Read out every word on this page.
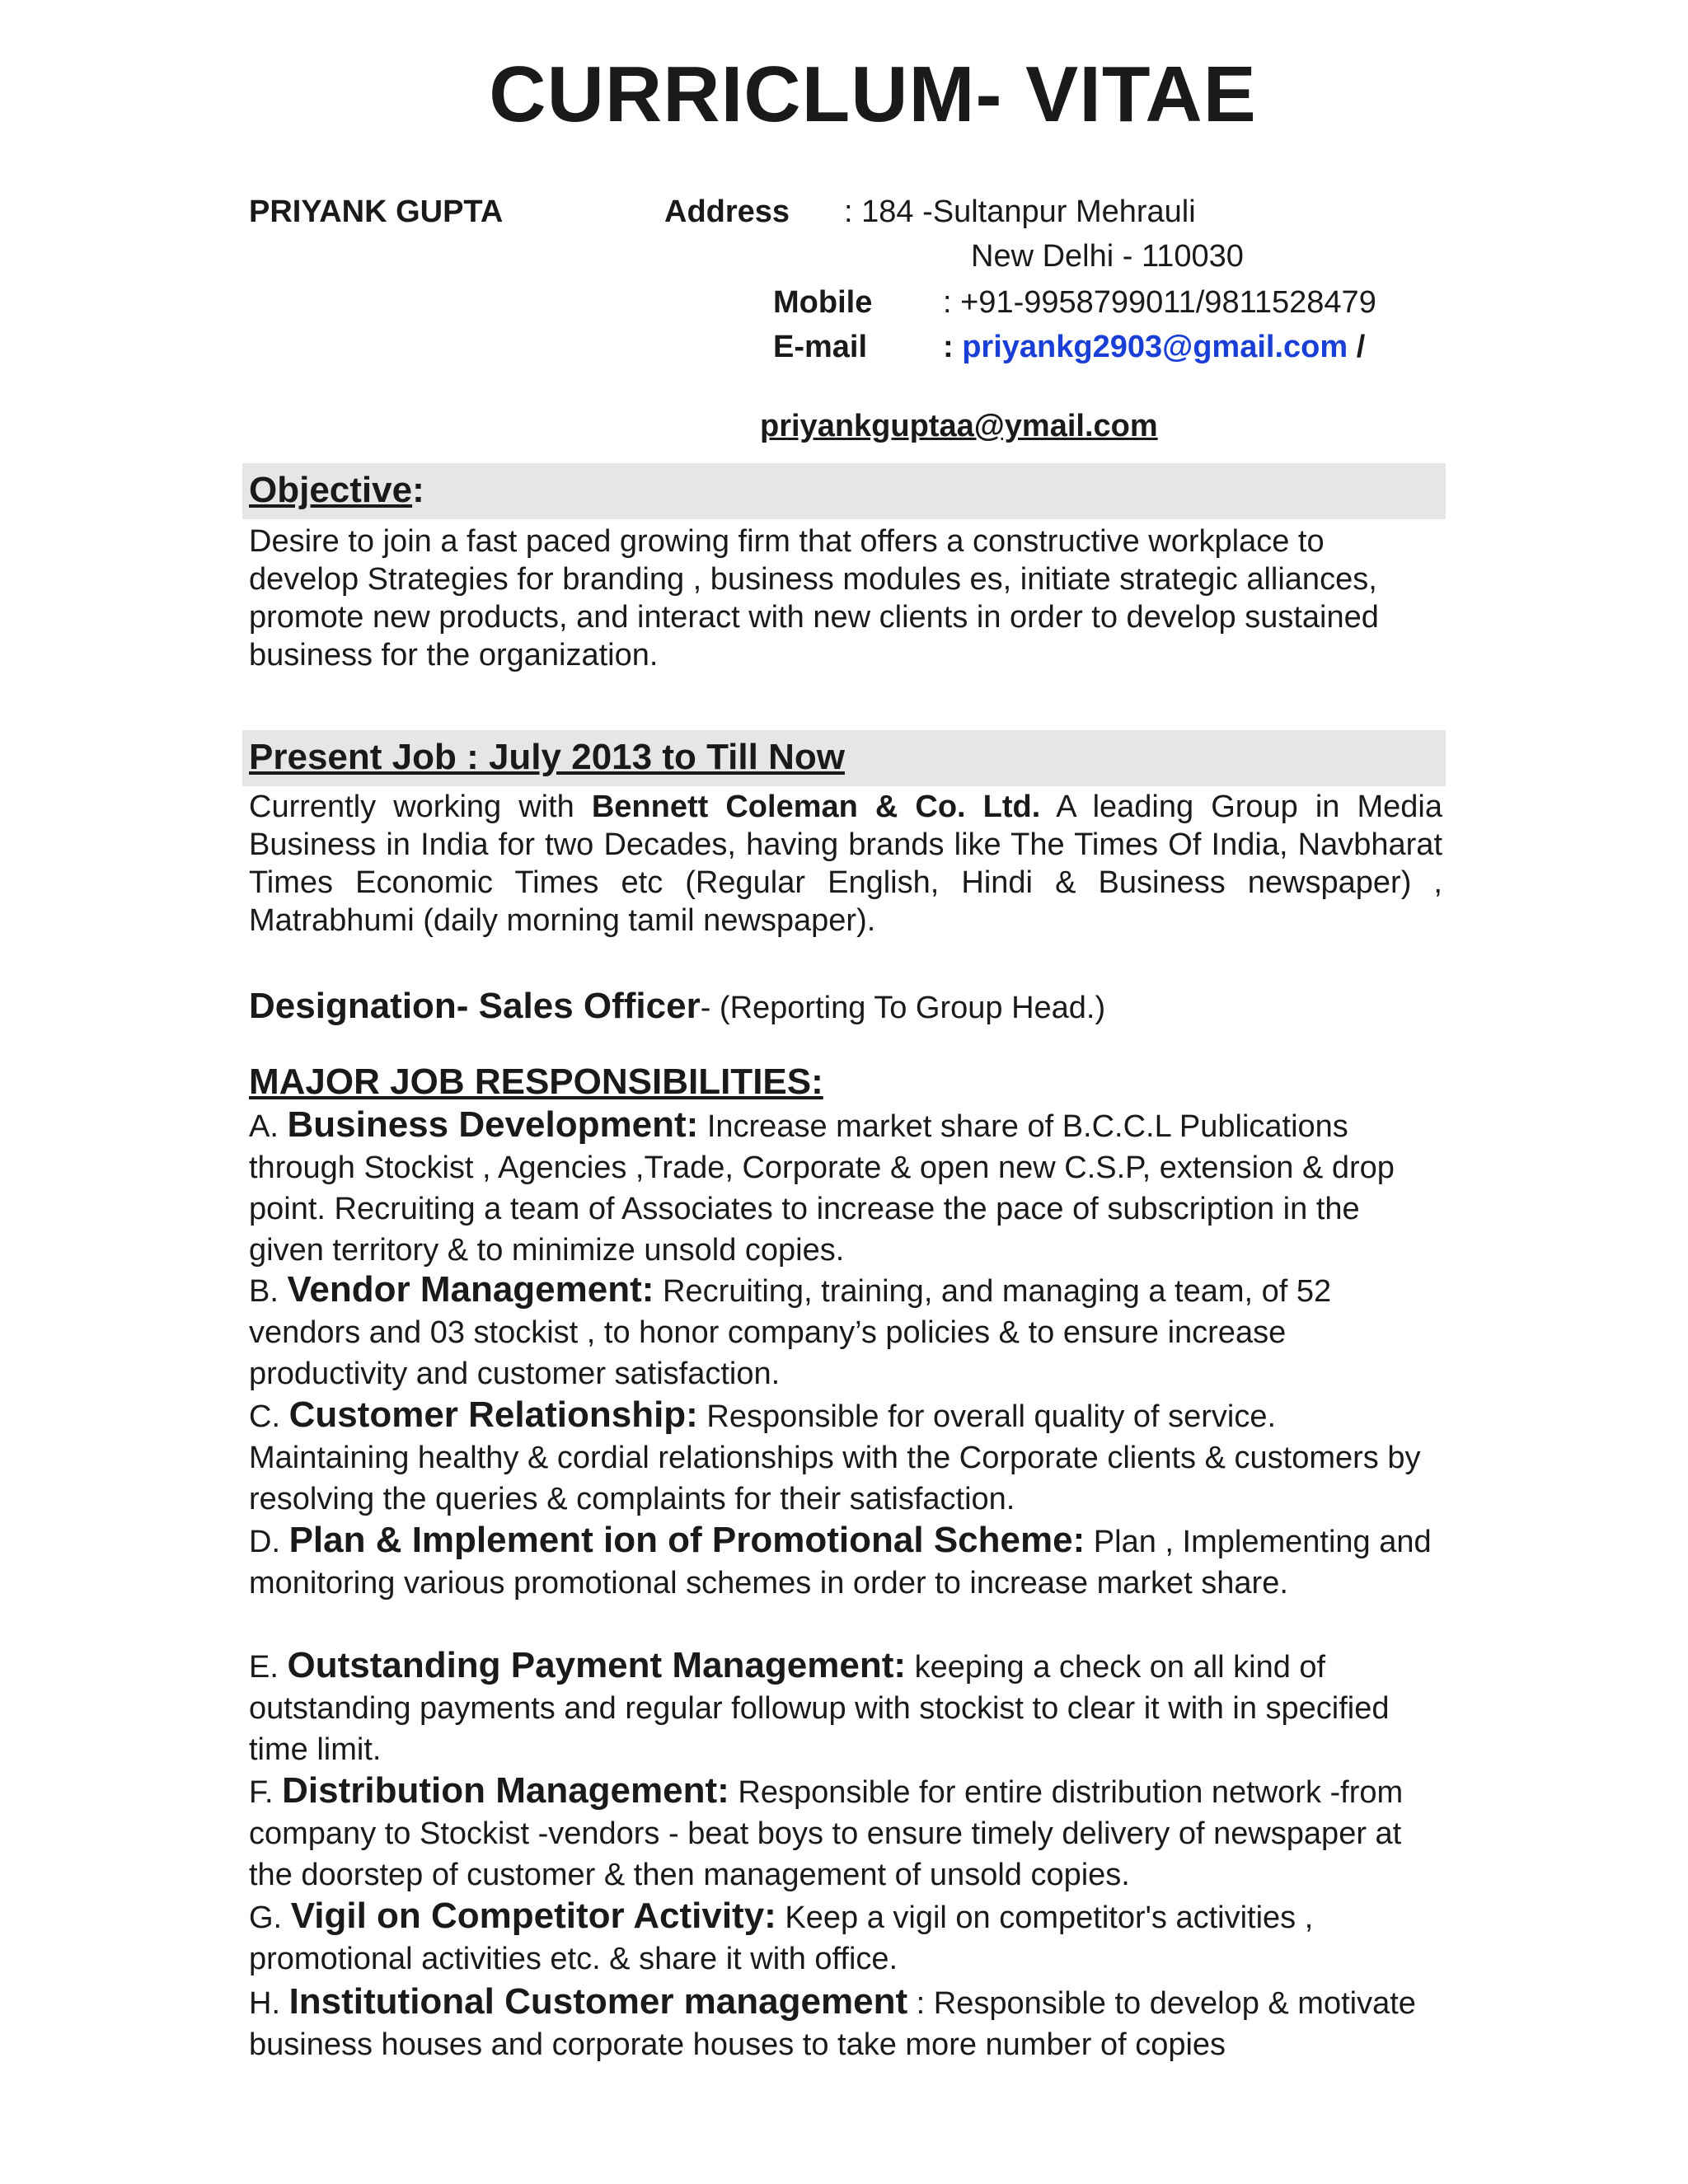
CURRICLUM- VITAE
PRIYANK GUPTA	Address : 184 -Sultanpur Mehrauli
New Delhi - 110030
Mobile : +91-9958799011/9811528479
E-mail : priyankg2903@gmail.com /
priyankguptaa@ymail.com
Objective:
Desire to join a fast paced growing firm that offers a constructive workplace to develop Strategies for branding , business modules es, initiate strategic alliances, promote new products, and interact with new clients in order to develop sustained business for the organization.
Present Job : July 2013 to Till Now
Currently working with Bennett Coleman & Co. Ltd. A leading Group in Media Business in India for two Decades, having brands like The Times Of India, Navbharat Times Economic Times etc (Regular English, Hindi & Business newspaper) , Matrabhumi (daily morning tamil newspaper).
Designation- Sales Officer- (Reporting To Group Head.)
MAJOR JOB RESPONSIBILITIES:
A. Business Development: Increase market share of B.C.C.L Publications through Stockist , Agencies ,Trade, Corporate & open new C.S.P, extension & drop point. Recruiting a team of Associates to increase the pace of subscription in the given territory & to minimize unsold copies.
B. Vendor Management: Recruiting, training, and managing a team, of 52 vendors and 03 stockist , to honor company’s policies & to ensure increase productivity and customer satisfaction.
C. Customer Relationship: Responsible for overall quality of service. Maintaining healthy & cordial relationships with the Corporate clients & customers by resolving the queries & complaints for their satisfaction.
D. Plan & Implement ion of Promotional Scheme: Plan , Implementing and monitoring various promotional schemes in order to increase market share.
E. Outstanding Payment Management: keeping a check on all kind of outstanding payments and regular followup with stockist to clear it with in specified time limit.
F. Distribution Management: Responsible for entire distribution network -from company to Stockist -vendors - beat boys to ensure timely delivery of newspaper at the doorstep of customer & then management of unsold copies.
G. Vigil on Competitor Activity: Keep a vigil on competitor's activities , promotional activities etc. & share it with office.
H. Institutional Customer management : Responsible to develop & motivate business houses and corporate houses to take more number of copies
